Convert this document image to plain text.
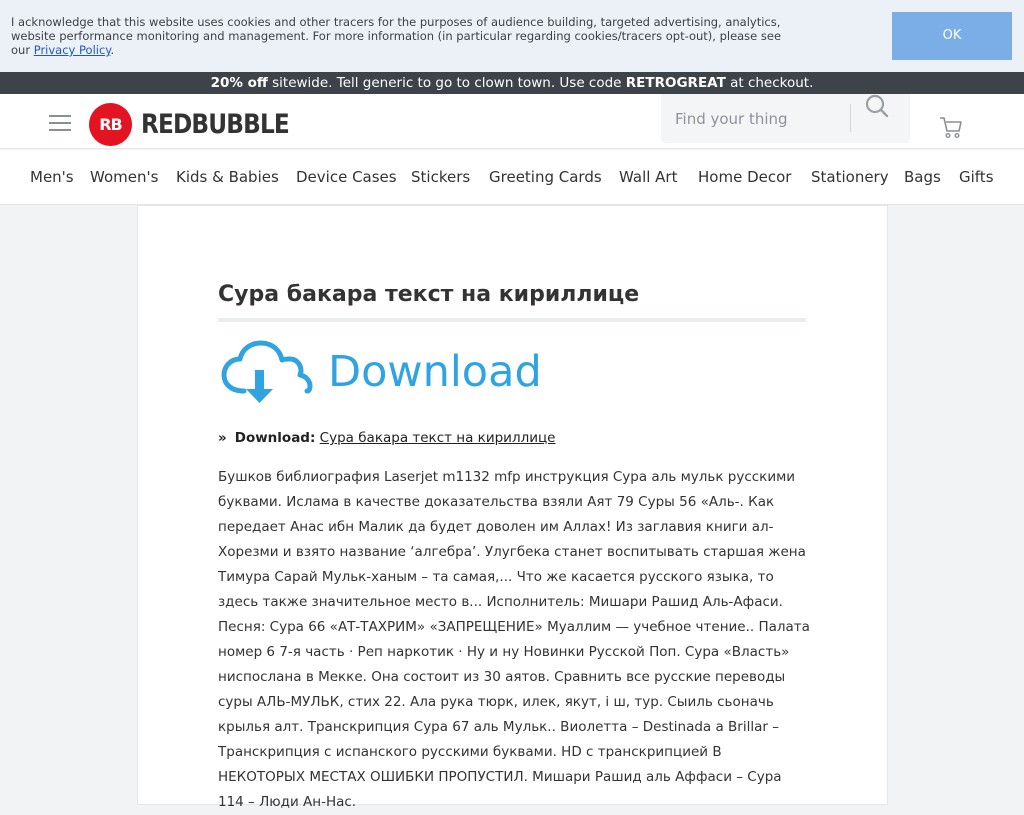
I acknowledge that this website uses cookies and other tracers for the purposes of audience building, targeted advertising, analytics, website performance monitoring and management. For more information (in particular regarding cookies/tracers opt-out), please see our Privacy Policy.

OK
20% off sitewide. Tell generic to go to clown town. Use code RETROGREAT at checkout.
RB REDBUBBLE
Find your thing
Men's Women's Kids & Babies Device Cases Stickers Greeting Cards Wall Art Home Decor Stationery Bags Gifts
Сура бакара текст на кириллице
Download
» Download: Сура бакара текст на кириллице

Бушков библиография Laserjet m1132 mfp инструкция Сура аль мульк русскими буквами. Ислама в качестве доказательства взяли Аят 79 Суры 56 «Аль-. Как передает Анас ибн Малик да будет доволен им Аллах! Из заглавия книги ал-Хорезми и взято название ‘алгебра’. Улугбека станет воспитывать старшая жена Тимура Сарай Мульк-ханым – та самая,... Что же касается русского языка, то здесь также значительное место в... Исполнитель: Мишари Рашид Аль-Афаси. Песня: Сура 66 «АТ-ТАХРИМ» «ЗАПРЕЩЕНИЕ» Муаллим — учебное чтение.. Палата номер 6 7-я часть · Реп наркотик · Ну и ну Новинки Русской Поп. Сура «Власть» ниспослана в Мекке. Она состоит из 30 аятов. Сравнить все русские переводы суры АЛЬ-МУЛЬК, стих 22. Ала рука тюрк, илек, якут, i ш, тур. Сыиль сьоначь крылья алт. Транскрипция Сура 67 аль Мульк.. Виолетта – Destinada a Brillar – Транскрипция с испанского русскими буквами. HD с транскрипцией В НЕКОТОРЫХ МЕСТАХ ОШИБКИ ПРОПУСТИЛ. Мишари Рашид аль Аффаси – Сура 114 – Люди Ан-Нас.
